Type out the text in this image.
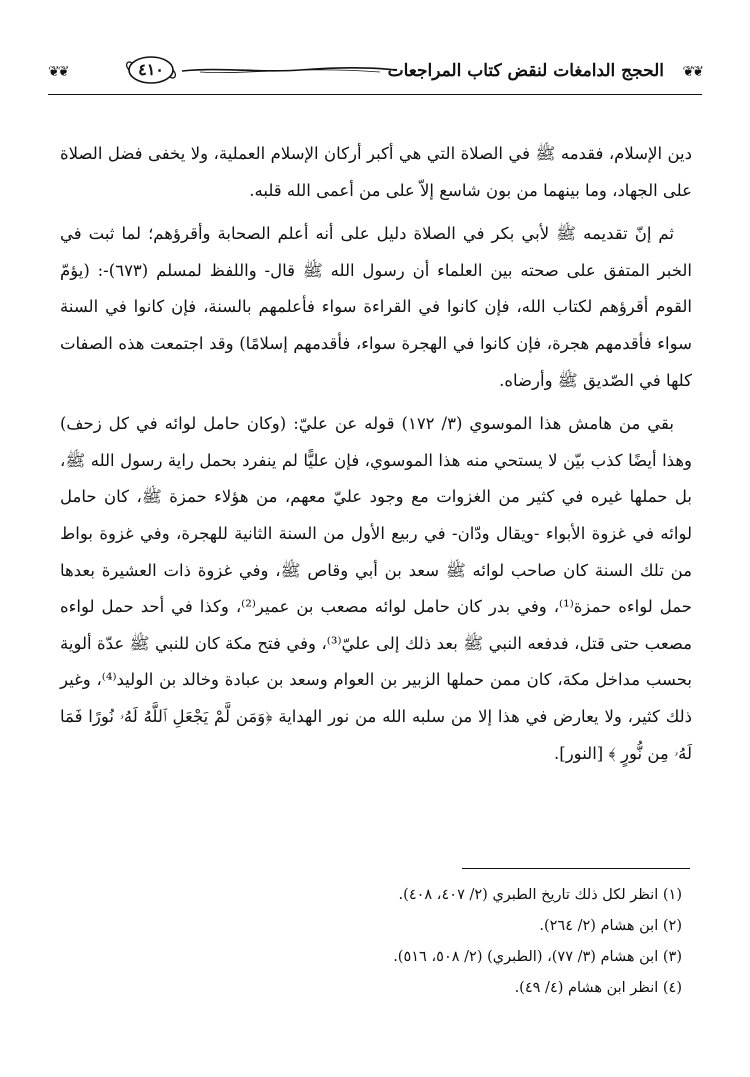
❦❦
الحجج الدامغات لنقض كتاب المراجعات
٤١٠
❦❦

دين الإسلام، فقدمه ﷺ في الصلاة التي هي أكبر أركان الإسلام العملية، ولا يخفى فضل الصلاة على الجهاد، وما بينهما من بون شاسع إلاّ على من أعمى الله قلبه.

ثم إنّ تقديمه ﷺ لأبي بكر في الصلاة دليل على أنه أعلم الصحابة وأقرؤهم؛ لما ثبت في الخبر المتفق على صحته بين العلماء أن رسول الله ﷺ قال- واللفظ لمسلم (٦٧٣)-: (يؤمّ القوم أقرؤهم لكتاب الله، فإن كانوا في القراءة سواء فأعلمهم بالسنة، فإن كانوا في السنة سواء فأقدمهم هجرة، فإن كانوا في الهجرة سواء، فأقدمهم إسلامًا) وقد اجتمعت هذه الصفات كلها في الصّديق ﷺ وأرضاه.

بقي من هامش هذا الموسوي (٣/ ١٧٢) قوله عن عليّ: (وكان حامل لوائه في كل زحف) وهذا أيضًا كذب بيّن لا يستحي منه هذا الموسوي، فإن عليًّا لم ينفرد بحمل راية رسول الله ﷺ، بل حملها غيره في كثير من الغزوات مع وجود عليّ معهم، من هؤلاء حمزة ﷺ، كان حامل لوائه في غزوة الأبواء -ويقال ودّان- في ربيع الأول من السنة الثانية للهجرة، وفي غزوة بواط من تلك السنة كان صاحب لوائه ﷺ سعد بن أبي وقاص ﷺ، وفي غزوة ذات العشيرة بعدها حمل لواءه حمزة⁽¹⁾، وفي بدر كان حامل لوائه مصعب بن عمير⁽²⁾، وكذا في أحد حمل لواءه مصعب حتى قتل، فدفعه النبي ﷺ بعد ذلك إلى عليّ⁽³⁾، وفي فتح مكة كان للنبي ﷺ عدّة ألوية بحسب مداخل مكة، كان ممن حملها الزبير بن العوام وسعد بن عبادة وخالد بن الوليد⁽⁴⁾، وغير ذلك كثير، ولا يعارض في هذا إلا من سلبه الله من نور الهداية ﴿وَمَن لَّمْ يَجْعَلِ ٱللَّهُ لَهُۥ نُورًا فَمَا لَهُۥ مِن نُّورٍ ﴾ [النور].

(١) انظر لكل ذلك تاريخ الطبري (٢/ ٤٠٧، ٤٠٨).
(٢) ابن هشام (٢/ ٢٦٤).
(٣) ابن هشام (٣/ ٧٧)، (الطبري) (٢/ ٥٠٨، ٥١٦).
(٤) انظر ابن هشام (٤/ ٤٩).
